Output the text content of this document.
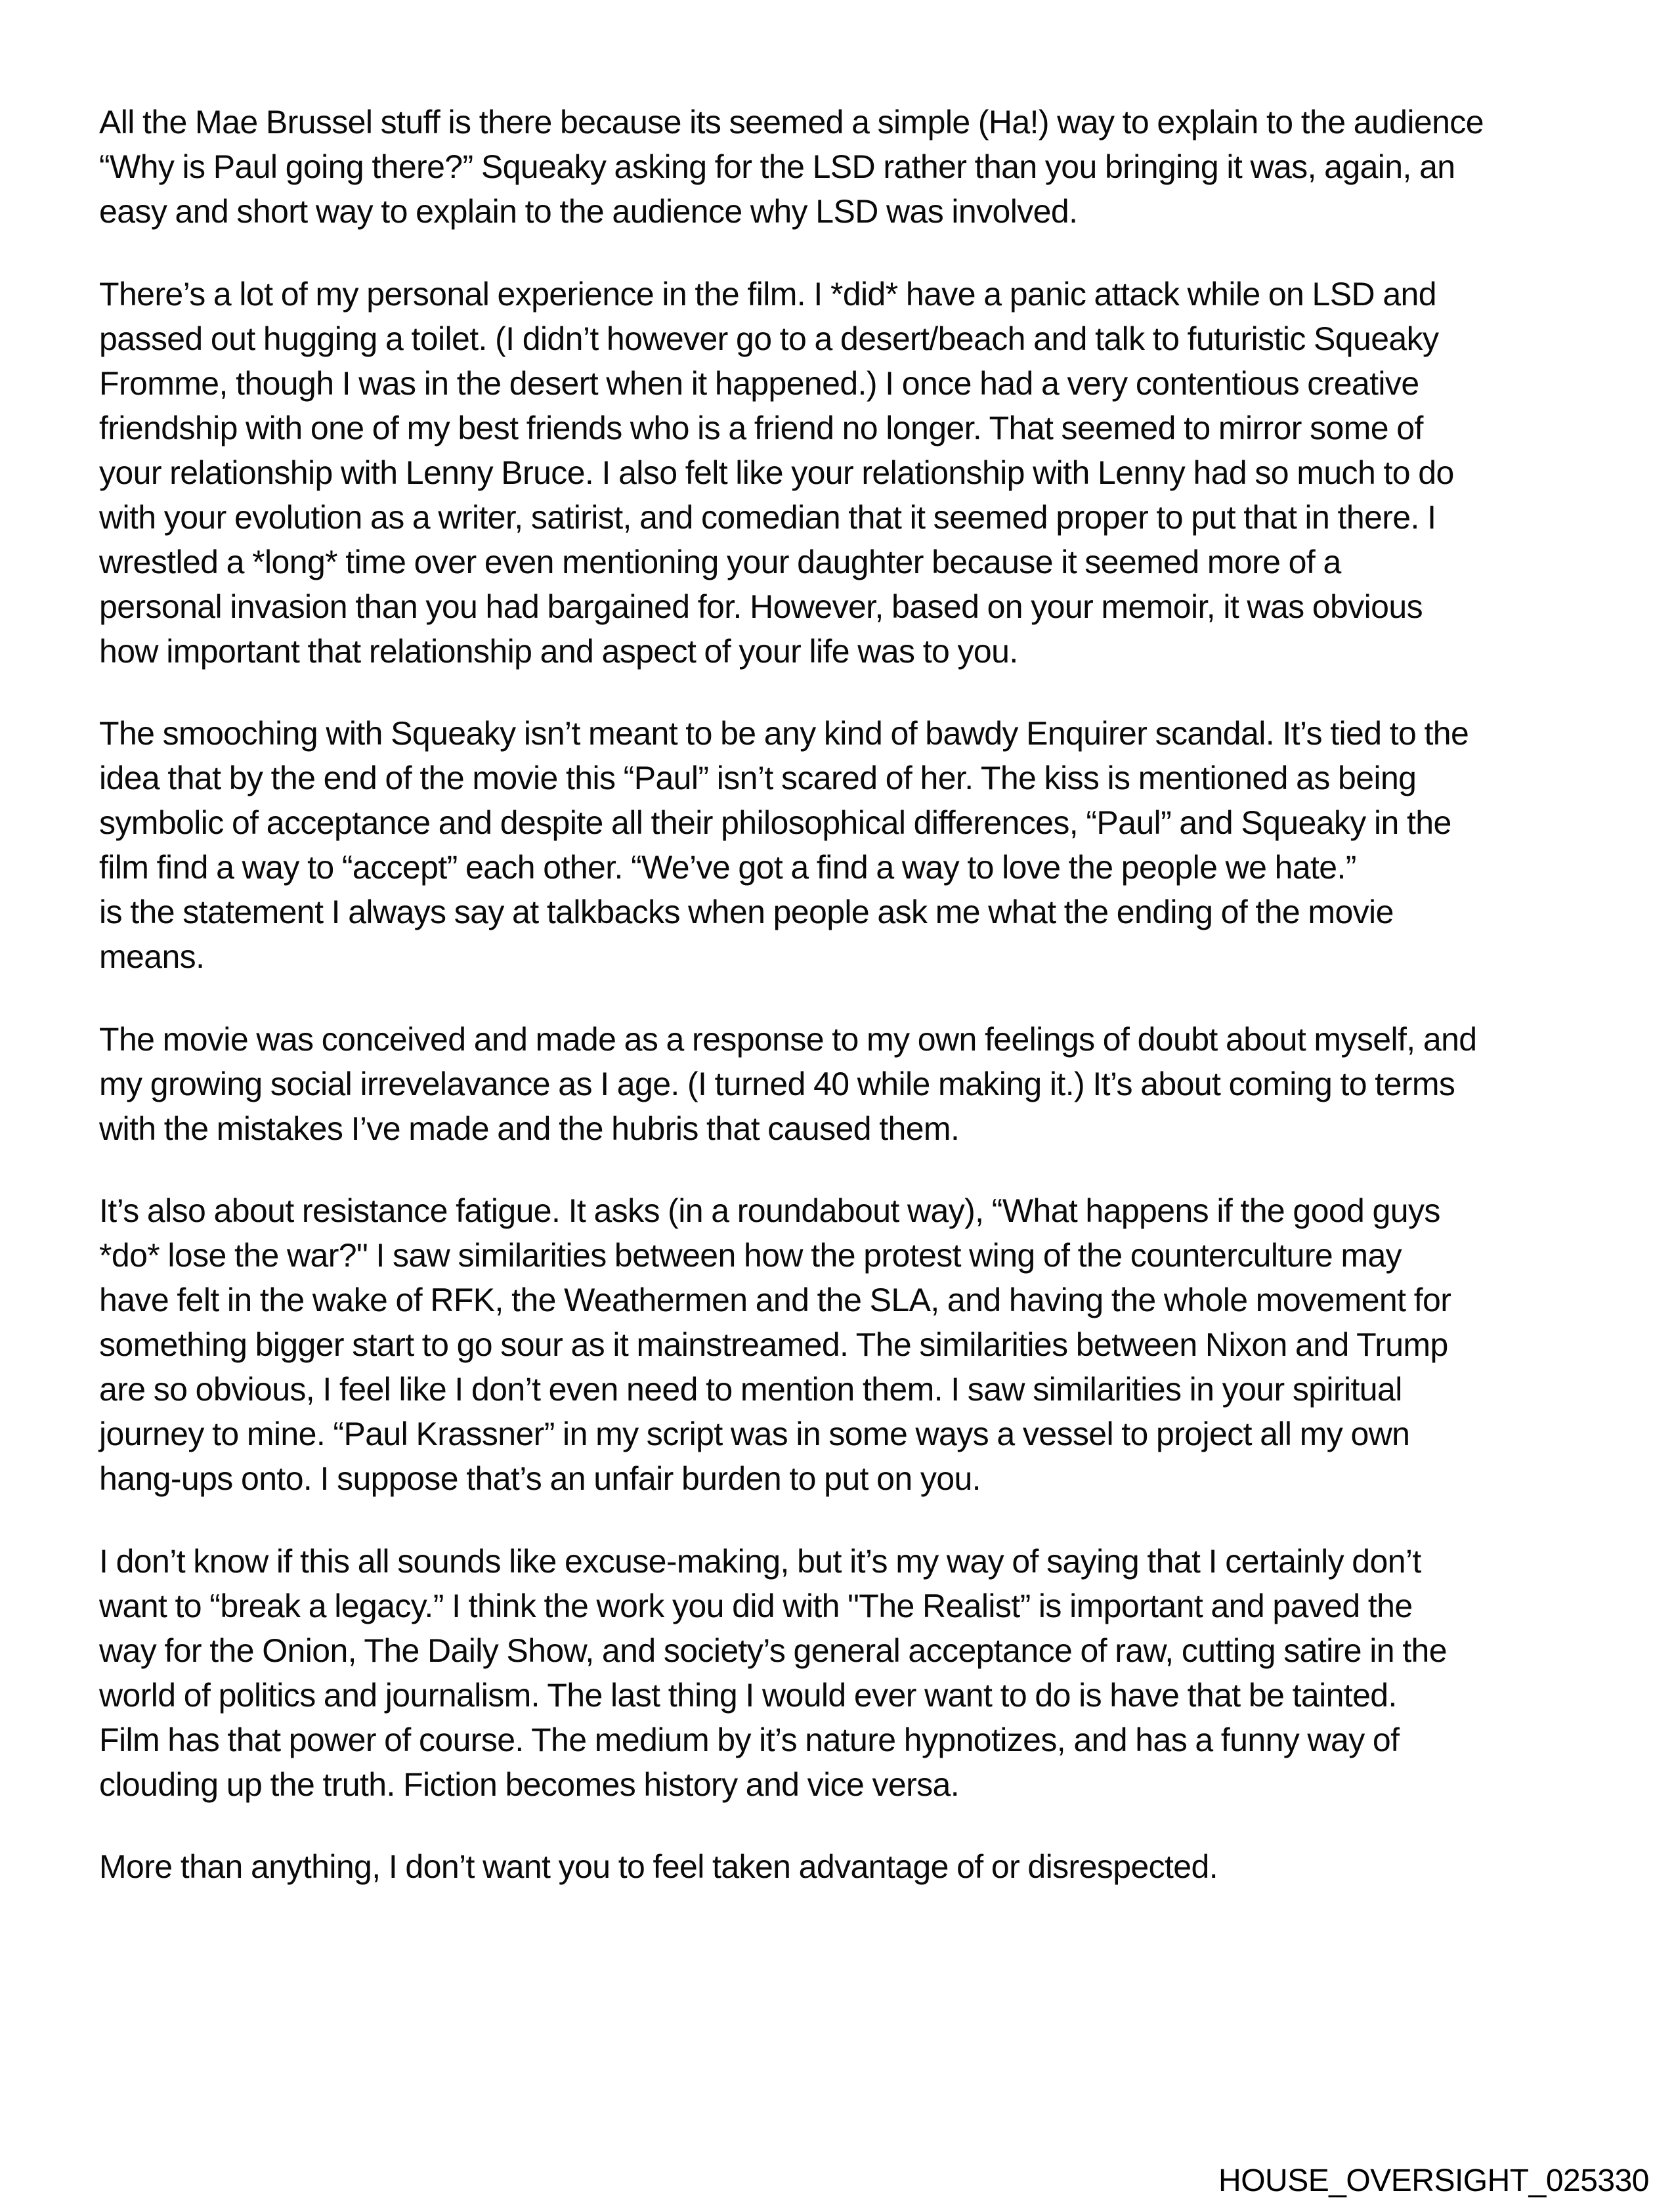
All the Mae Brussel stuff is there because its seemed a simple (Ha!) way to explain to the audience
“Why is Paul going there?” Squeaky asking for the LSD rather than you bringing it was, again, an
easy and short way to explain to the audience why LSD was involved.
There’s a lot of my personal experience in the film. I *did* have a panic attack while on LSD and
passed out hugging a toilet. (I didn’t however go to a desert/beach and talk to futuristic Squeaky
Fromme, though I was in the desert when it happened.) I once had a very contentious creative
friendship with one of my best friends who is a friend no longer. That seemed to mirror some of
your relationship with Lenny Bruce. I also felt like your relationship with Lenny had so much to do
with your evolution as a writer, satirist, and comedian that it seemed proper to put that in there. I
wrestled a *long* time over even mentioning your daughter because it seemed more of a
personal invasion than you had bargained for. However, based on your memoir, it was obvious
how important that relationship and aspect of your life was to you.
The smooching with Squeaky isn’t meant to be any kind of bawdy Enquirer scandal. It’s tied to the
idea that by the end of the movie this “Paul” isn’t scared of her. The kiss is mentioned as being
symbolic of acceptance and despite all their philosophical differences, “Paul” and Squeaky in the
film find a way to “accept” each other. “We’ve got a find a way to love the people we hate.”
is the statement I always say at talkbacks when people ask me what the ending of the movie
means.
The movie was conceived and made as a response to my own feelings of doubt about myself, and
my growing social irrevelavance as I age. (I turned 40 while making it.) It’s about coming to terms
with the mistakes I’ve made and the hubris that caused them.
It’s also about resistance fatigue. It asks (in a roundabout way), “What happens if the good guys
*do* lose the war?" I saw similarities between how the protest wing of the counterculture may
have felt in the wake of RFK, the Weathermen and the SLA, and having the whole movement for
something bigger start to go sour as it mainstreamed. The similarities between Nixon and Trump
are so obvious, I feel like I don’t even need to mention them. I saw similarities in your spiritual
journey to mine. “Paul Krassner” in my script was in some ways a vessel to project all my own
hang-ups onto. I suppose that’s an unfair burden to put on you.
I don’t know if this all sounds like excuse-making, but it’s my way of saying that I certainly don’t
want to “break a legacy.” I think the work you did with "The Realist” is important and paved the
way for the Onion, The Daily Show, and society’s general acceptance of raw, cutting satire in the
world of politics and journalism. The last thing I would ever want to do is have that be tainted.
Film has that power of course. The medium by it’s nature hypnotizes, and has a funny way of
clouding up the truth. Fiction becomes history and vice versa.
More than anything, I don’t want you to feel taken advantage of or disrespected.
HOUSE_OVERSIGHT_025330
